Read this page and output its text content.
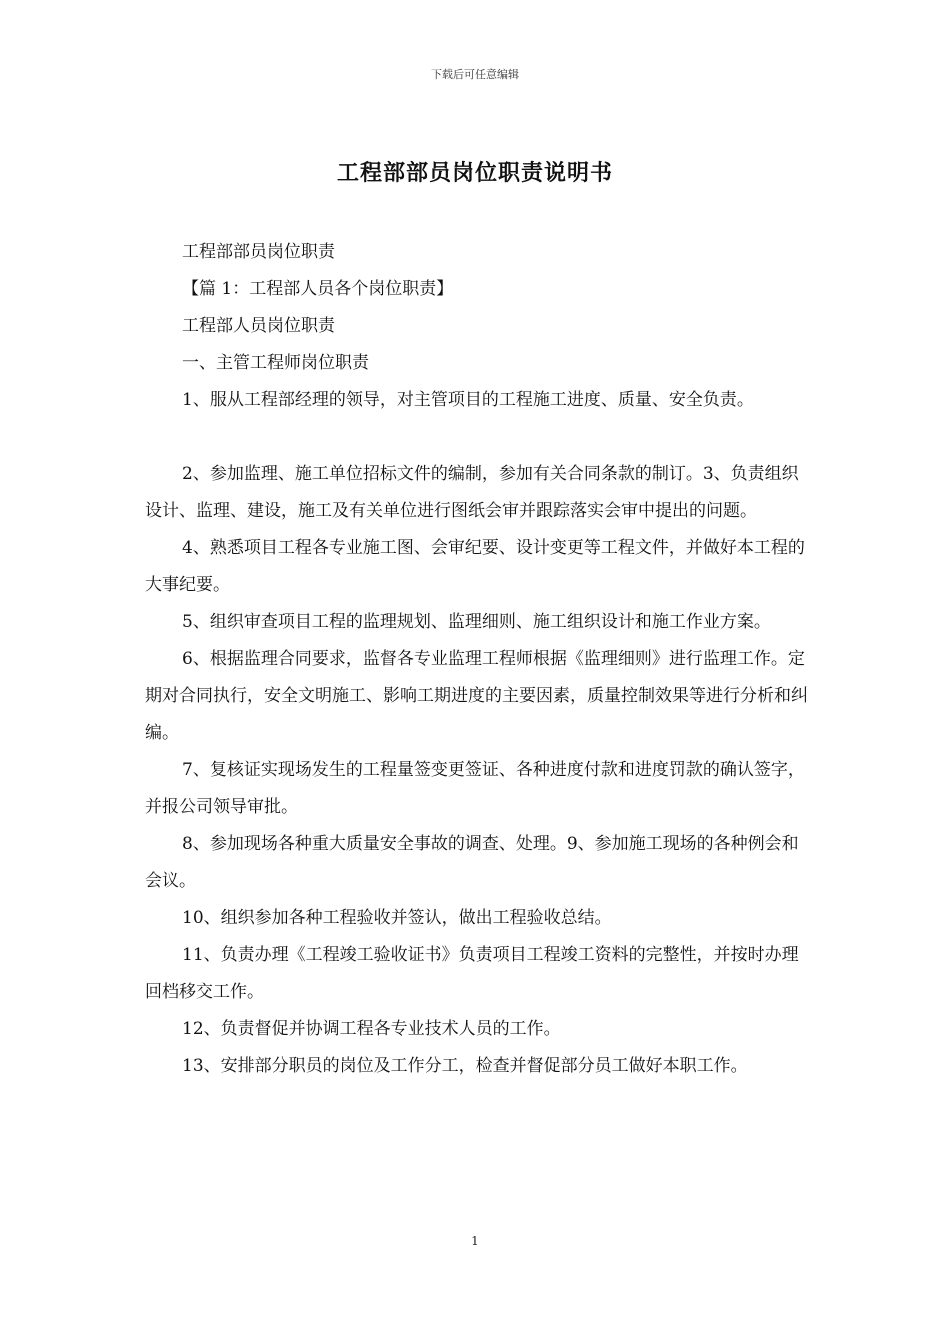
下载后可任意编辑
工程部部员岗位职责说明书

工程部部员岗位职责

【篇 1：工程部人员各个岗位职责】

工程部人员岗位职责

一、主管工程师岗位职责

1、服从工程部经理的领导，对主管项目的工程施工进度、质量、安全负责。

2、参加监理、施工单位招标文件的编制，参加有关合同条款的制订。3、负责组织设计、监理、建设，施工及有关单位进行图纸会审并跟踪落实会审中提出的问题。

4、熟悉项目工程各专业施工图、会审纪要、设计变更等工程文件，并做好本工程的大事纪要。

5、组织审查项目工程的监理规划、监理细则、施工组织设计和施工作业方案。

6、根据监理合同要求，监督各专业监理工程师根据《监理细则》进行监理工作。定期对合同执行，安全文明施工、影响工期进度的主要因素，质量控制效果等进行分析和纠编。

7、复核证实现场发生的工程量签变更签证、各种进度付款和进度罚款的确认签字，并报公司领导审批。

8、参加现场各种重大质量安全事故的调查、处理。9、参加施工现场的各种例会和会议。

10、组织参加各种工程验收并签认，做出工程验收总结。

11、负责办理《工程竣工验收证书》负责项目工程竣工资料的完整性，并按时办理回档移交工作。

12、负责督促并协调工程各专业技术人员的工作。

13、安排部分职员的岗位及工作分工，检查并督促部分员工做好本职工作。

1
